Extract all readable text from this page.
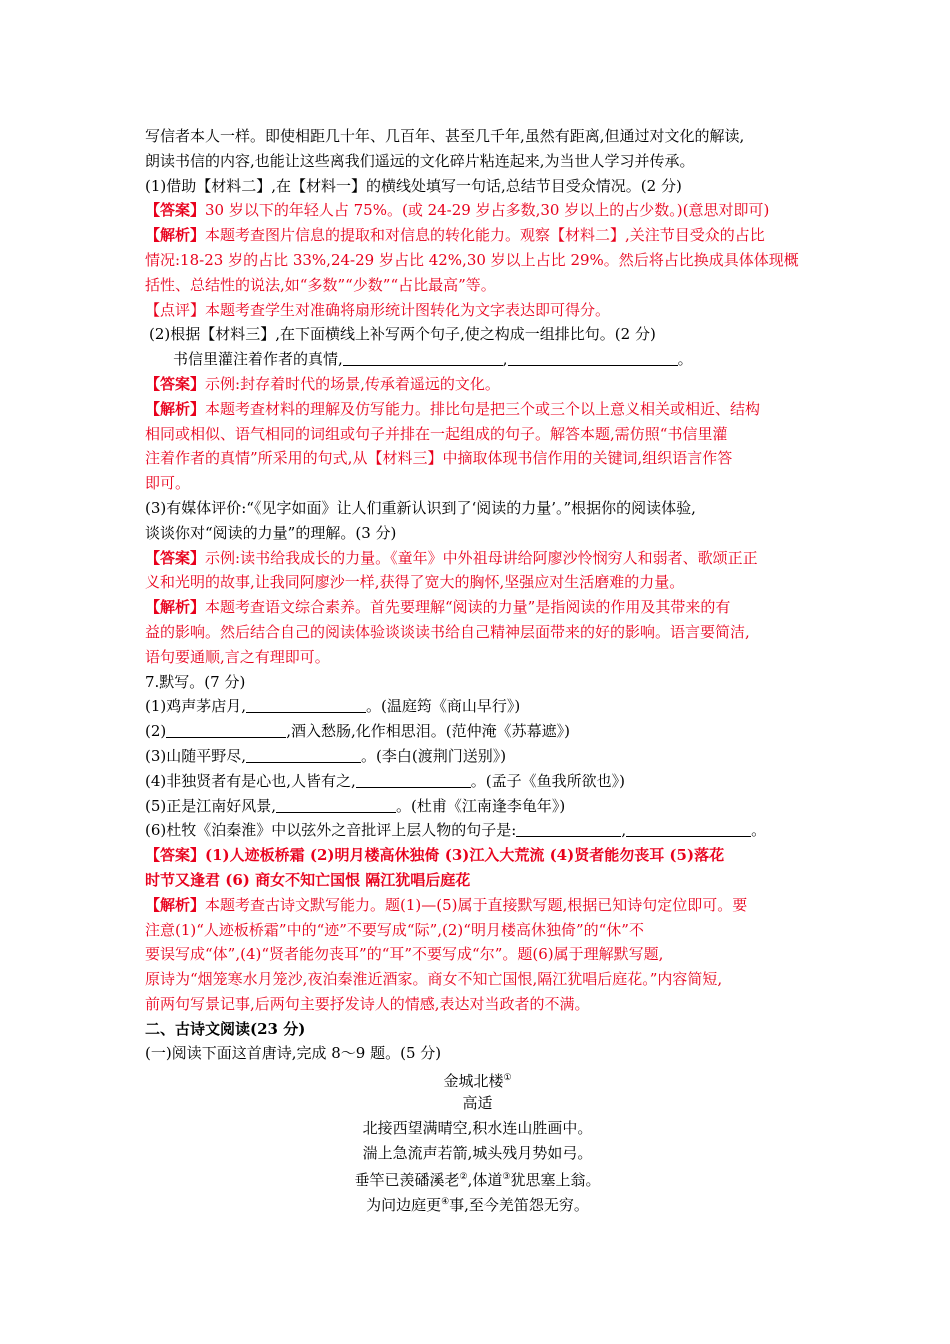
写信者本人一样。即使相距几十年、几百年、甚至几千年,虽然有距离,但通过对文化的解读,
朗读书信的内容,也能让这些离我们遥远的文化碎片粘连起来,为当世人学习并传承。
(1)借助【材料二】,在【材料一】的横线处填写一句话,总结节目受众情况。(2 分)
【答案】30 岁以下的年轻人占 75%。(或 24-29 岁占多数,30 岁以上的占少数。)(意思对即可)
【解析】本题考查图片信息的提取和对信息的转化能力。观察【材料二】,关注节目受众的占比
情况:18-23 岁的占比 33%,24-29 岁占比 42%,30 岁以上占比 29%。然后将占比换成具体体现概
括性、总结性的说法,如“多数”“少数”“占比最高”等。
【点评】本题考查学生对准确将扇形统计图转化为文字表达即可得分。
(2)根据【材料三】,在下面横线上补写两个句子,使之构成一组排比句。(2 分)
书信里灌注着作者的真情,	,	。
【答案】示例:封存着时代的场景,传承着遥远的文化。
【解析】本题考查材料的理解及仿写能力。排比句是把三个或三个以上意义相关或相近、结构
相同或相似、语气相同的词组或句子并排在一起组成的句子。解答本题,需仿照“书信里灌
注着作者的真情”所采用的句式,从【材料三】中摘取体现书信作用的关键词,组织语言作答
即可。
(3)有媒体评价:“《见字如面》让人们重新认识到了‘阅读的力量’。”根据你的阅读体验,
谈谈你对“阅读的力量”的理解。(3 分)
【答案】示例:读书给我成长的力量。《童年》中外祖母讲给阿廖沙怜悯穷人和弱者、歌颂正正
义和光明的故事,让我同阿廖沙一样,获得了宽大的胸怀,坚强应对生活磨难的力量。
【解析】本题考查语文综合素养。首先要理解“阅读的力量”是指阅读的作用及其带来的有
益的影响。然后结合自己的阅读体验谈谈读书给自己精神层面带来的好的影响。语言要简洁,
语句要通顺,言之有理即可。
7.默写。(7 分)
(1)鸡声茅店月,	。(温庭筠《商山早行》)
(2)	,酒入愁肠,化作相思泪。(范仲淹《苏幕遮》)
(3)山随平野尽,	。(李白(渡荆门送别》)
(4)非独贤者有是心也,人皆有之,	。(孟子《鱼我所欲也》)
(5)正是江南好风景,	。(杜甫《江南逢李龟年》)
(6)杜牧《泊秦淮》中以弦外之音批评上层人物的句子是:	,	。
【答案】(1)人迹板桥霜 (2)明月楼高休独倚 (3)江入大荒流 (4)贤者能勿丧耳 (5)落花
时节又逢君 (6) 商女不知亡国恨 隔江犹唱后庭花
【解析】本题考查古诗文默写能力。题(1)—(5)属于直接默写题,根据已知诗句定位即可。要
注意(1)“人迹板桥霜”中的“迹”不要写成“际”,(2)“明月楼高休独倚”的“休”不
要误写成“体”,(4)“贤者能勿丧耳”的“耳”不要写成“尔”。题(6)属于理解默写题,
原诗为“烟笼寒水月笼沙,夜泊秦淮近酒家。商女不知亡国恨,隔江犹唱后庭花。”内容简短,
前两句写景记事,后两句主要抒发诗人的情感,表达对当政者的不满。
二、古诗文阅读(23 分)
(一)阅读下面这首唐诗,完成 8～9 题。(5 分)
金城北楼①
高适
北接西望满晴空,积水连山胜画中。
湍上急流声若箭,城头残月势如弓。
垂竿已羡磻溪老②,体道③犹思塞上翁。
为问边庭更④事,至今羌笛怨无穷。
